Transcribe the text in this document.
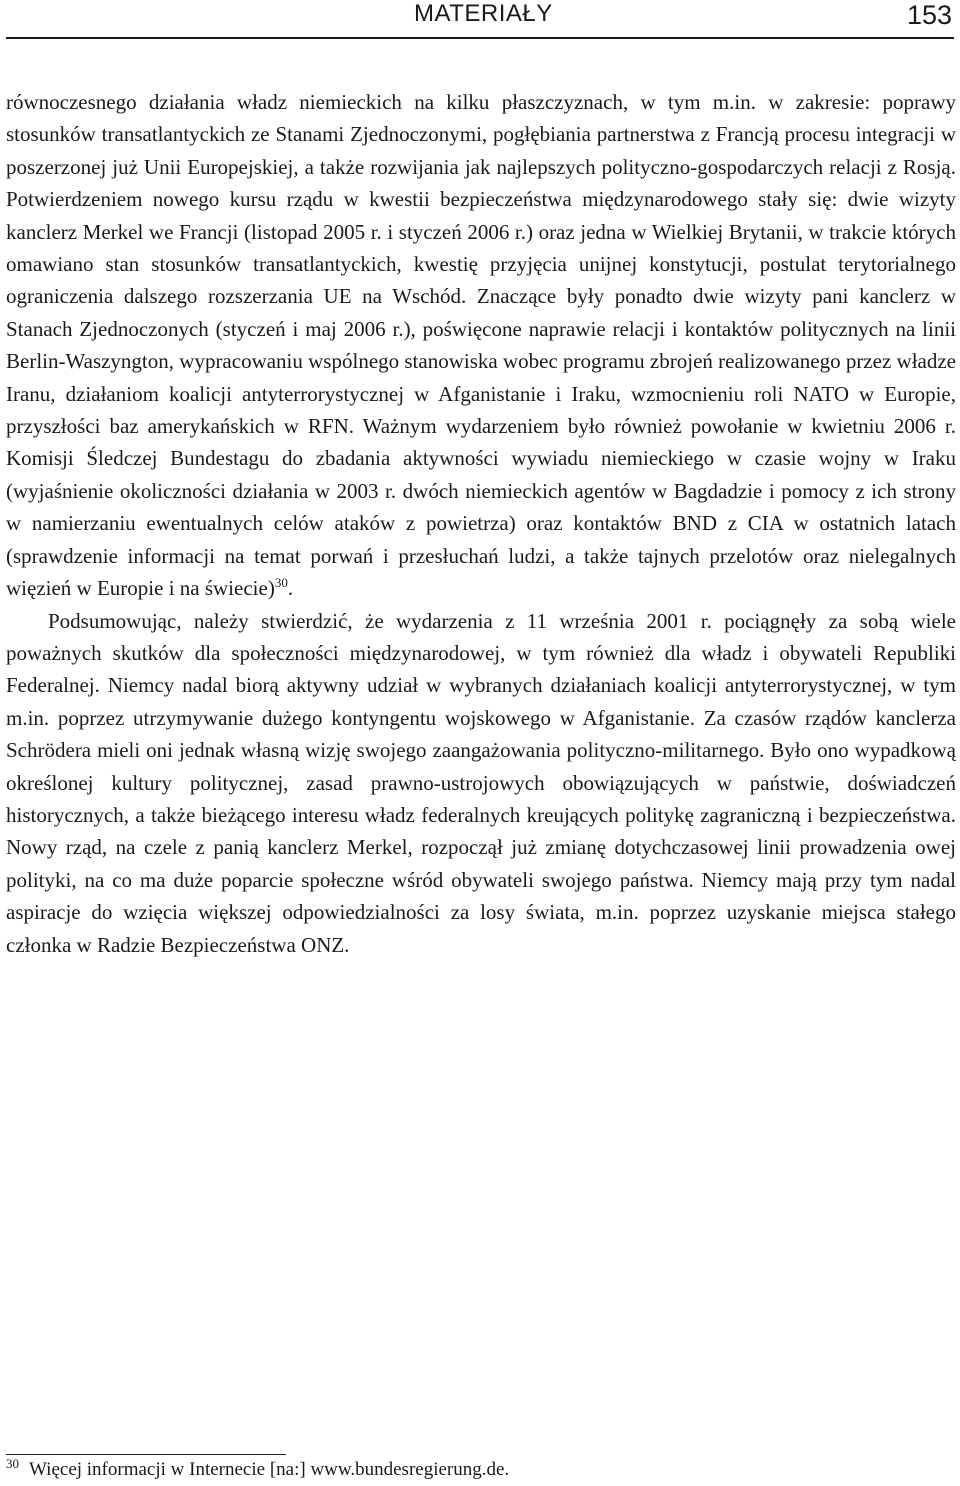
MATERIAŁY	153

równoczesnego działania władz niemieckich na kilku płaszczyznach, w tym m.in. w zakresie: poprawy stosunków transatlantyckich ze Stanami Zjednoczonymi, pogłębiania partnerstwa z Francją procesu integracji w poszerzonej już Unii Europejskiej, a także rozwijania jak najlepszych polityczno-gospodarczych relacji z Rosją. Potwierdzeniem nowego kursu rządu w kwestii bezpieczeństwa międzynarodowego stały się: dwie wizyty kanclerz Merkel we Francji (listopad 2005 r. i styczeń 2006 r.) oraz jedna w Wielkiej Brytanii, w trakcie których omawiano stan stosunków transatlantyckich, kwestię przyjęcia unijnej konstytucji, postulat terytorialnego ograniczenia dalszego rozszerzania UE na Wschód. Znaczące były ponadto dwie wizyty pani kanclerz w Stanach Zjednoczonych (styczeń i maj 2006 r.), poświęcone naprawie relacji i kontaktów politycznych na linii Berlin-Waszyngton, wypracowaniu wspólnego stanowiska wobec programu zbrojeń realizowanego przez władze Iranu, działaniom koalicji antyterrorystycznej w Afganistanie i Iraku, wzmocnieniu roli NATO w Europie, przyszłości baz amerykańskich w RFN. Ważnym wydarzeniem było również powołanie w kwietniu 2006 r. Komisji Śledczej Bundestagu do zbadania aktywności wywiadu niemieckiego w czasie wojny w Iraku (wyjaśnienie okoliczności działania w 2003 r. dwóch niemieckich agentów w Bagdadzie i pomocy z ich strony w namierzaniu ewentualnych celów ataków z powietrza) oraz kontaktów BND z CIA w ostatnich latach (sprawdzenie informacji na temat porwań i przesłuchań ludzi, a także tajnych przelotów oraz nielegalnych więzień w Europie i na świecie)$^{30}$.

Podsumowując, należy stwierdzić, że wydarzenia z 11 września 2001 r. pociągnęły za sobą wiele poważnych skutków dla społeczności międzynarodowej, w tym również dla władz i obywateli Republiki Federalnej. Niemcy nadal biorą aktywny udział w wybranych działaniach koalicji antyterrorystycznej, w tym m.in. poprzez utrzymywanie dużego kontyngentu wojskowego w Afganistanie. Za czasów rządów kanclerza Schrödera mieli oni jednak własną wizję swojego zaangażowania polityczno-militarnego. Było ono wypadkową określonej kultury politycznej, zasad prawno-ustrojowych obowiązujących w państwie, doświadczeń historycznych, a także bieżącego interesu władz federalnych kreujących politykę zagraniczną i bezpieczeństwa. Nowy rząd, na czele z panią kanclerz Merkel, rozpoczął już zmianę dotychczasowej linii prowadzenia owej polityki, na co ma duże poparcie społeczne wśród obywateli swojego państwa. Niemcy mają przy tym nadal aspiracje do wzięcia większej odpowiedzialności za losy świata, m.in. poprzez uzyskanie miejsca stałego członka w Radzie Bezpieczeństwa ONZ.

$^{30}$ Więcej informacji w Internecie [na:] www.bundesregierung.de.
